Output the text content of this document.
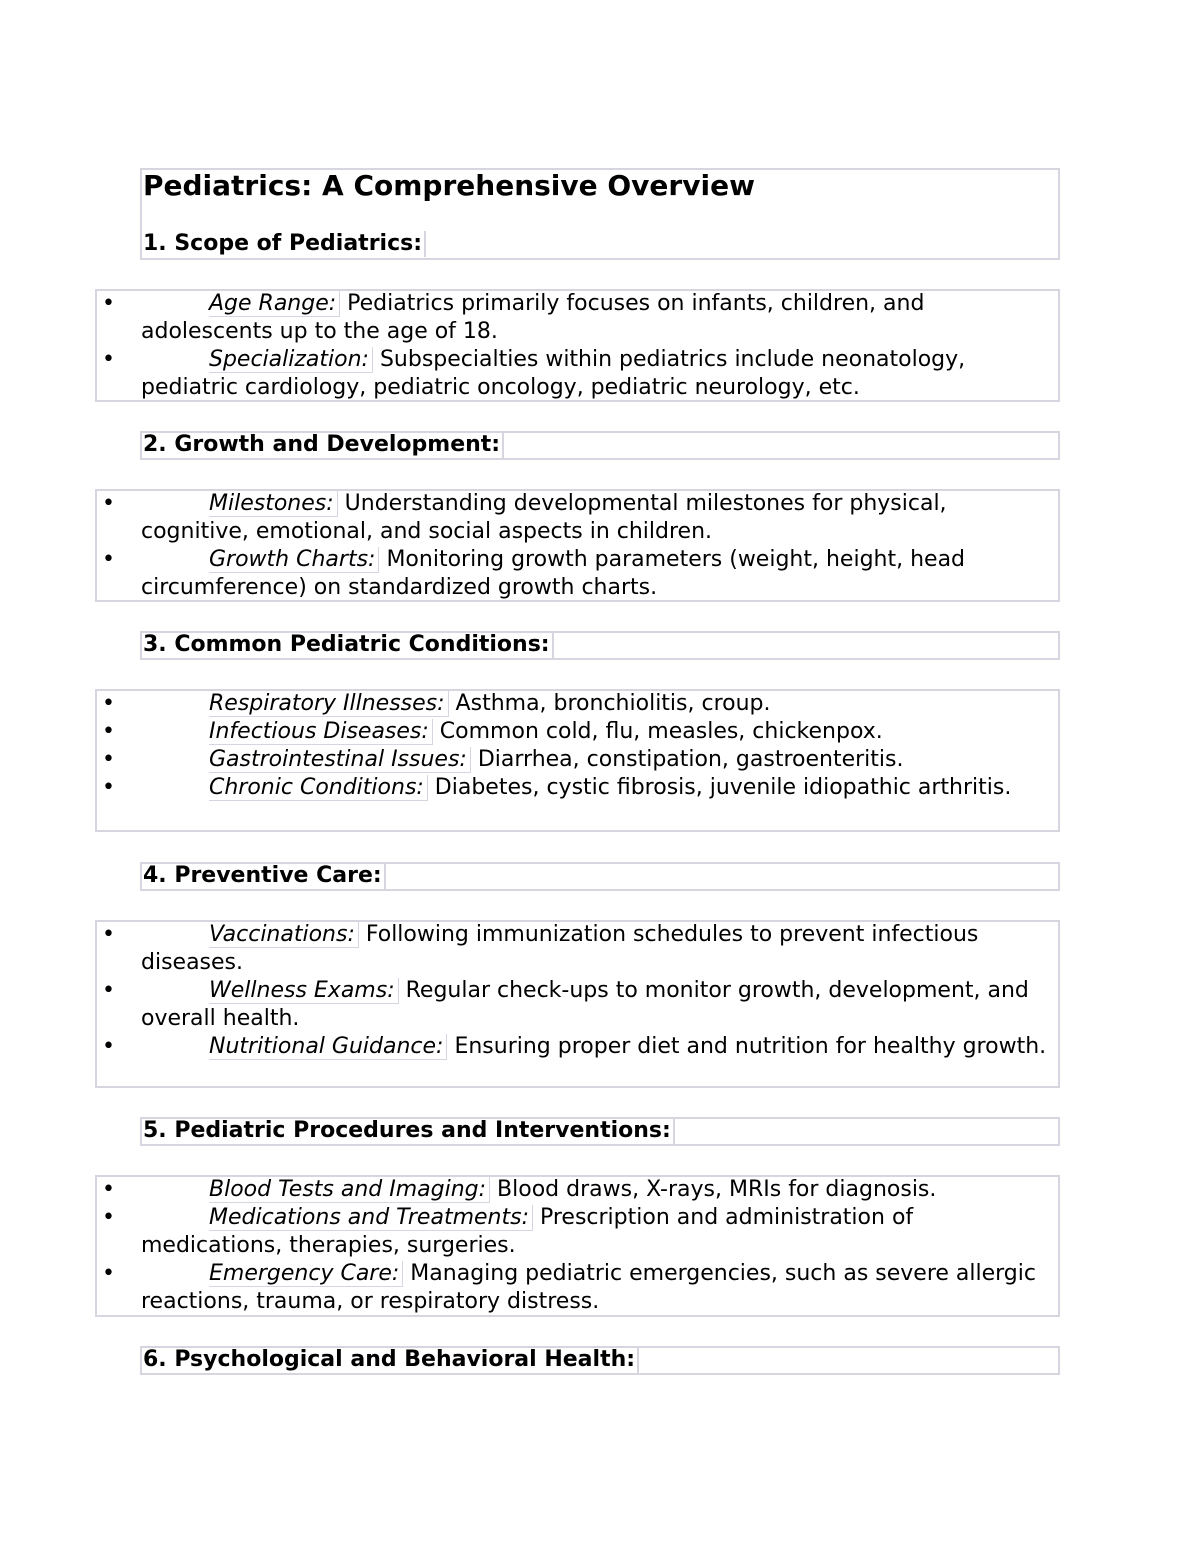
Pediatrics: A Comprehensive Overview
1. Scope of Pediatrics:
•	Age Range: Pediatrics primarily focuses on infants, children, and adolescents up to the age of 18.
•	Specialization: Subspecialties within pediatrics include neonatology, pediatric cardiology, pediatric oncology, pediatric neurology, etc.
2. Growth and Development:
•	Milestones: Understanding developmental milestones for physical, cognitive, emotional, and social aspects in children.
•	Growth Charts: Monitoring growth parameters (weight, height, head circumference) on standardized growth charts.
3. Common Pediatric Conditions:
•	Respiratory Illnesses: Asthma, bronchiolitis, croup.
•	Infectious Diseases: Common cold, flu, measles, chickenpox.
•	Gastrointestinal Issues: Diarrhea, constipation, gastroenteritis.
•	Chronic Conditions: Diabetes, cystic fibrosis, juvenile idiopathic arthritis.
4. Preventive Care:
•	Vaccinations: Following immunization schedules to prevent infectious diseases.
•	Wellness Exams: Regular check-ups to monitor growth, development, and overall health.
•	Nutritional Guidance: Ensuring proper diet and nutrition for healthy growth.
5. Pediatric Procedures and Interventions:
•	Blood Tests and Imaging: Blood draws, X-rays, MRIs for diagnosis.
•	Medications and Treatments: Prescription and administration of medications, therapies, surgeries.
•	Emergency Care: Managing pediatric emergencies, such as severe allergic reactions, trauma, or respiratory distress.
6. Psychological and Behavioral Health:
